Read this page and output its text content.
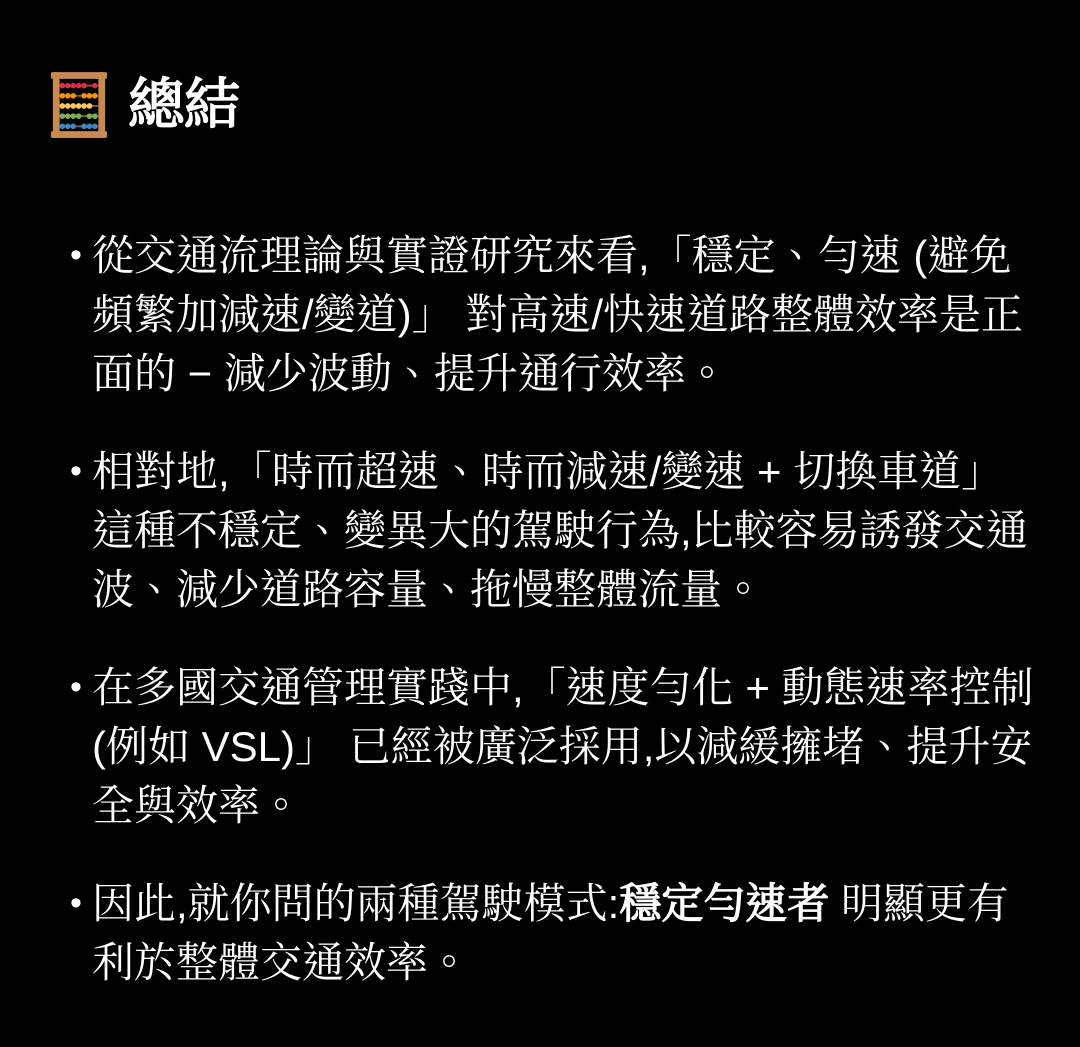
總結
• 從交通流理論與實證研究來看,「穩定、勻速 (避免頻繁加減速/變道)」 對高速/快速道路整體效率是正面的 − 減少波動、提升通行效率。

• 相對地,「時而超速、時而減速/變速 + 切換車道」 這種不穩定、變異大的駕駛行為,比較容易誘發交通波、減少道路容量、拖慢整體流量。

• 在多國交通管理實踐中,「速度勻化 + 動態速率控制 (例如 VSL)」 已經被廣泛採用,以減緩擁堵、提升安全與效率。

• 因此,就你問的兩種駕駛模式:穩定勻速者 明顯更有利於整體交通效率。
